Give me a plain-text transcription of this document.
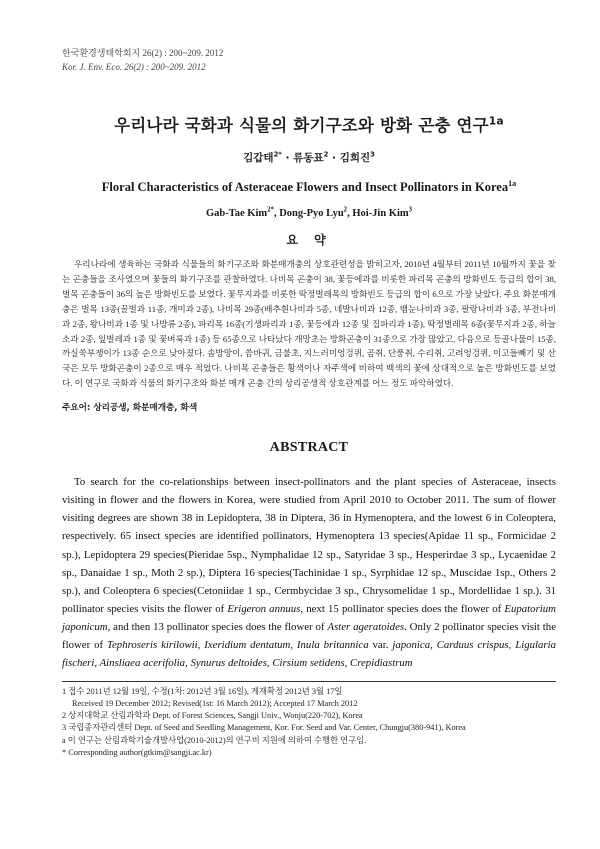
한국환경생태학회지 26(2) : 200~209. 2012
Kor. J. Env. Eco. 26(2) : 200~209. 2012
우리나라 국화과 식물의 화기구조와 방화 곤충 연구$^{1a}$
김갑태$^{2*}$ · 류동표$^2$ · 김희진$^3$
Floral Characteristics of Asteraceae Flowers and Insect Pollinators in Korea$^{1a}$
Gab-Tae Kim$^{2*}$, Dong-Pyo Lyu$^2$, Hoi-Jin Kim$^3$
요 약
우리나라에 생육하는 국화과 식물들의 화기구조와 화분매개충의 상호관련성을 밝히고자, 2010년 4월부터 2011년 10월까지 꽃을 찾는 곤충들을 조사였으며 꽃들의 화기구조를 관찰하였다. 나비목 곤충이 38, 꽃등에과를 비롯한 파리목 곤충의 방화빈도 등급의 합이 38, 벌목 곤충들이 36의 높은 방화빈도를 보였다. 꽃무지과를 비롯한 딱정벌레목의 방화빈도 등급의 합이 6으로 가장 낮았다. 주요 화분매개충은 벌목 13종(꿀벌과 11종, 개미과 2종), 나비목 29종(배추흰나비과 5종, 네발나비과 12종, 뱀눈나비과 3종, 팔랑나비과 3종, 부전나비과 2종, 왕나비과 1종 및 나방류 2종), 파리목 16종(기생파리과 1종, 꽃등에과 12종 및 집파리과 1종), 딱정벌레목 6종(꽃무지과 2종, 하늘소과 2종, 잎벌레과 1종 및 꽃벼룩과 1종) 등 65종으로 나타났다 개망초는 방화곤충이 31종으로 가장 많았고, 다음으로 등골나물이 15종, 까실쑥부쟁이가 13종 순으로 낮아졌다. 솜방망이, 씀바귀, 금불초, 지느러미엉겅퀴, 곰취, 단풍취, 수리취, 고려엉겅퀴, 이고들빼기 및 산국은 모두 방화곤충이 2종으로 매우 적었다. 나비목 곤충들은 황색이나 자주색에 비하여 백색의 꽃에 상대적으로 높은 방화빈도를 보였다. 이 연구로 국화과 식물의 화기구조와 화분 매개 곤충 간의 상리공생적 상호관계를 어느 정도 파악하였다.
주요어: 상리공생, 화분매개충, 화색
ABSTRACT
To search for the co-relationships between insect-pollinators and the plant species of Asteraceae, insects visiting in flower and the flowers in Korea, were studied from April 2010 to October 2011. The sum of flower visiting degrees are shown 38 in Lepidoptera, 38 in Diptera, 36 in Hymenoptera, and the lowest 6 in Coleoptera, respectively. 65 insect species are identified pollinators, Hymenoptera 13 species(Apidae 11 sp., Formicidae 2 sp.), Lepidoptera 29 species(Pieridae 5sp., Nymphalidae 12 sp., Satyridae 3 sp., Hesperirdae 3 sp., Lycaenidae 2 sp., Danaidae 1 sp., Moth 2 sp.), Diptera 16 species(Tachinidae 1 sp., Syrphidae 12 sp., Muscidae 1sp., Others 2 sp.), and Coleoptera 6 species(Cetoniidae 1 sp., Cermbycidae 3 sp., Chrysomelidae 1 sp., Mordellidae 1 sp.). 31 pollinator species visits the flower of Erigeron annuus, next 15 pollinator species does the flower of Eupatorium japonicum, and then 13 pollinator species does the flower of Aster ageratoides. Only 2 pollinator species visit the flower of Tephroseris kirilowii, Ixeridium dentatum, Inula britannica var. japonica, Carduus crispus, Ligularia fischeri, Ainsliaea acerifolia, Synurus deltoides, Cirsium setidens, Crepidiastrum
1 접수 2011년 12월 19일, 수정(1차: 2012년 3월 16일), 게재확정 2012년 3월 17일
Received 19 December 2012; Revised(1st: 16 March 2012); Accepted 17 March 2012
2 상지대학교 산림과학과 Dept. of Forest Sciences, Sangji Univ., Wonju(220-702), Korea
3 국립종자관리센터 Dept. of Seed and Seedling Management, Kor. For. Seed and Var. Center, Chungju(380-941), Korea
a 이 연구는 산림과학기술개발사업(2010-2012)의 연구비 지원에 의하여 수행한 연구임.
* Corresponding author(gtkim@sangji.ac.kr)
